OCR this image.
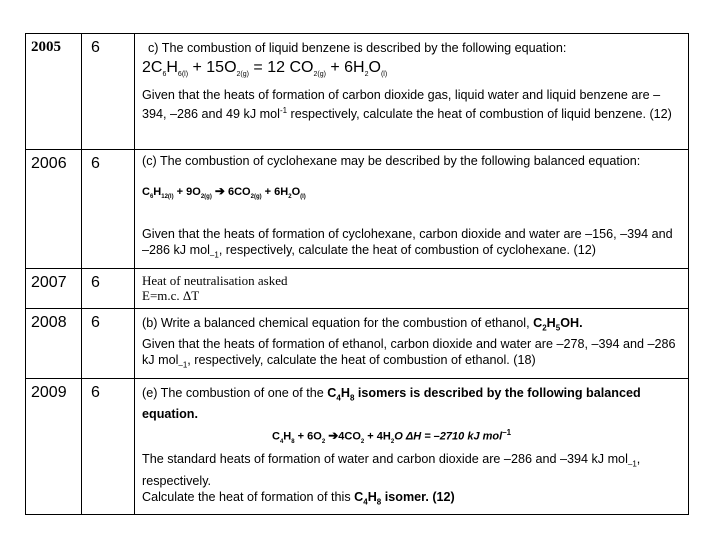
2005	6	c) The combustion of liquid benzene is described by the following equation:

$2C_6H_{6(l)} + 15O_{2(g)} = 12$ $CO_{2(g)} + 6H_2O_{(l)}$

Given that the heats of formation of carbon dioxide gas, liquid water and liquid benzene are –394, –286 and 49 kJ mol$^{-1}$ respectively, calculate the heat of combustion of liquid benzene. (12)

2006	6	(c) The combustion of cyclohexane may be described by the following balanced equation:

$C_6H_{12(l)} + 9O_{2(g)}$ ➔ $6CO_{2(g)} + 6H_2O_{(l)}$

Given that the heats of formation of cyclohexane, carbon dioxide and water are –156, –394 and –286 kJ mol$_{-1}$, respectively, calculate the heat of combustion of cyclohexane. (12)

2007	6	Heat of neutralisation asked

E=m.c. ΔT

2008	6	(b) Write a balanced chemical equation for the combustion of ethanol, $C_2H_5OH$.

Given that the heats of formation of ethanol, carbon dioxide and water are –278, –394 and –286 kJ mol$_{-1}$, respectively, calculate the heat of combustion of ethanol. (18)

2009	6	(e) The combustion of one of the $C_4H_8$ isomers is described by the following balanced equation.

$C_4H_8 + 6O_2$ $➔4CO_2 + 4H_2O$ ΔH = –2710 kJ mol$^{-1}$

The standard heats of formation of water and carbon dioxide are –286 and –394 kJ mol$_{-1}$, respectively.

Calculate the heat of formation of this $C_4H_8$ isomer. (12)
